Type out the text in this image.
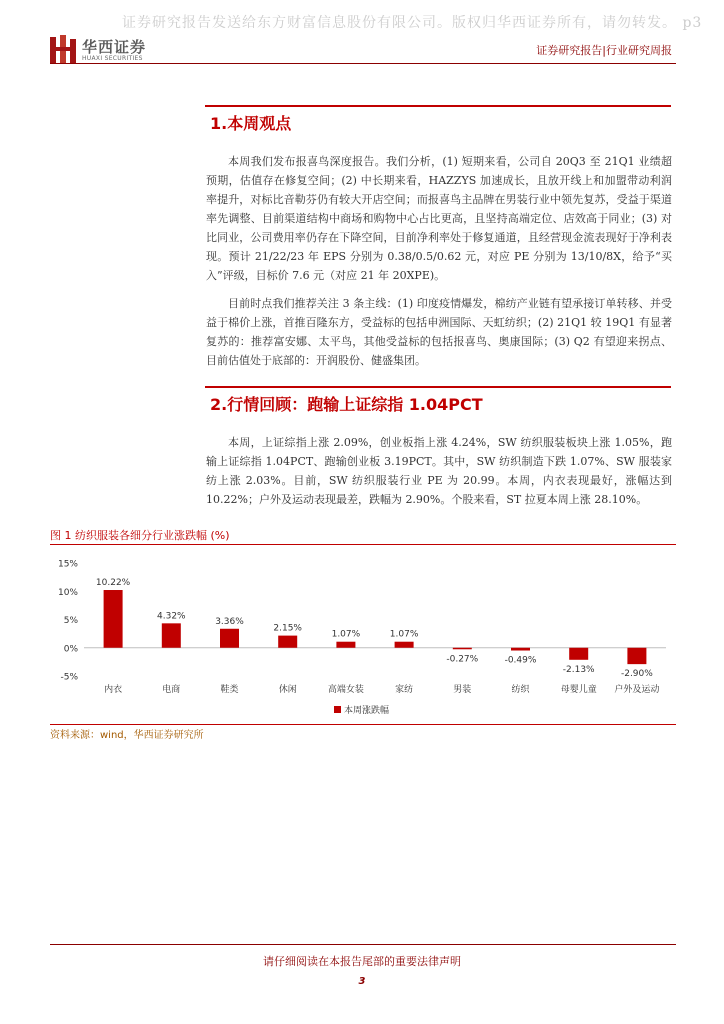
证券研究报告发送给东方财富信息股份有限公司。版权归华西证券所有，请勿转发。 p3
华西证券
HUAXI SECURITIES
证券研究报告|行业研究周报
1.本周观点
本周我们发布报喜鸟深度报告。我们分析，(1) 短期来看，公司自 20Q3 至 21Q1 业绩超预期，估值存在修复空间；(2) 中长期来看，HAZZYS 加速成长，且放开线上和加盟带动利润率提升，对标比音勒芬仍有较大开店空间；而报喜鸟主品牌在男装行业中领先复苏，受益于渠道率先调整、目前渠道结构中商场和购物中心占比更高，且坚持高端定位、店效高于同业；(3) 对比同业，公司费用率仍存在下降空间，目前净利率处于修复通道，且经营现金流表现好于净利表现。预计 21/22/23 年 EPS 分别为 0.38/0.5/0.62 元，对应 PE 分别为 13/10/8X，给予“买入”评级，目标价 7.6 元（对应 21 年 20XPE)。
目前时点我们推荐关注 3 条主线：(1) 印度疫情爆发，棉纺产业链有望承接订单转移、并受益于棉价上涨，首推百隆东方，受益标的包括申洲国际、天虹纺织；(2) 21Q1 较 19Q1 有显著复苏的：推荐富安娜、太平鸟，其他受益标的包括报喜鸟、奥康国际；(3) Q2 有望迎来拐点、目前估值处于底部的：开润股份、健盛集团。
2.行情回顾：跑输上证综指 1.04PCT
本周，上证综指上涨 2.09%，创业板指上涨 4.24%，SW 纺织服装板块上涨 1.05%，跑输上证综指 1.04PCT、跑输创业板 3.19PCT。其中，SW 纺织制造下跌 1.07%、SW 服装家纺上涨 2.03%。目前，SW 纺织服装行业 PE 为 20.99。本周，内衣表现最好，涨幅达到 10.22%；户外及运动表现最差，跌幅为 2.90%。个股来看，ST 拉夏本周上涨 28.10%。
图 1 纺织服装各细分行业涨跌幅 (%)
15%
10%
5%
0%
-5%
10.22%
内衣
4.32%
电商
3.36%
鞋类
2.15%
休闲
1.07%
高端女装
1.07%
家纺
-0.27%
男装
-0.49%
纺织
-2.13%
母婴儿童
-2.90%
户外及运动
本周涨跌幅
资料来源：wind，华西证券研究所
请仔细阅读在本报告尾部的重要法律声明
3
